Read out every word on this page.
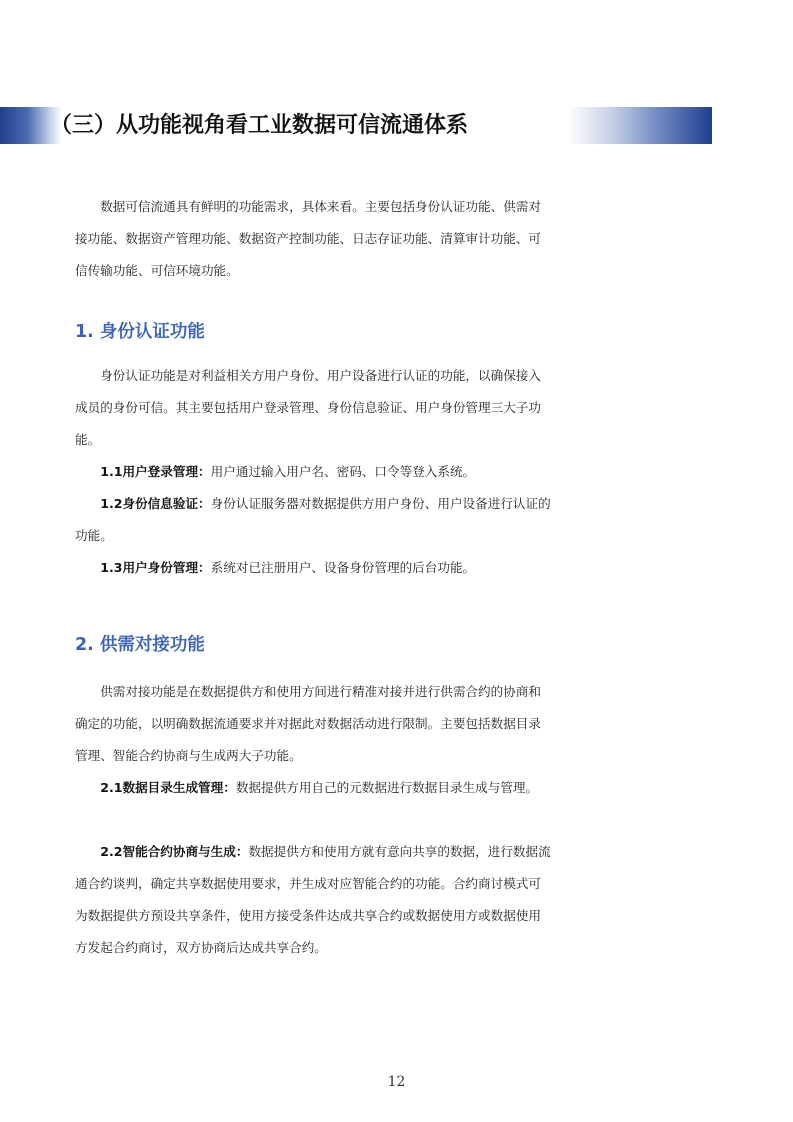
（三）从功能视角看工业数据可信流通体系

数据可信流通具有鲜明的功能需求，具体来看。主要包括身份认证功能、供需对接功能、数据资产管理功能、数据资产控制功能、日志存证功能、清算审计功能、可信传输功能、可信环境功能。

1. 身份认证功能

身份认证功能是对利益相关方用户身份、用户设备进行认证的功能，以确保接入成员的身份可信。其主要包括用户登录管理、身份信息验证、用户身份管理三大子功能。

1.1用户登录管理：用户通过输入用户名、密码、口令等登入系统。

1.2身份信息验证：身份认证服务器对数据提供方用户身份、用户设备进行认证的功能。

1.3用户身份管理：系统对已注册用户、设备身份管理的后台功能。

2. 供需对接功能

供需对接功能是在数据提供方和使用方间进行精准对接并进行供需合约的协商和确定的功能，以明确数据流通要求并对据此对数据活动进行限制。主要包括数据目录管理、智能合约协商与生成两大子功能。

2.1数据目录生成管理：数据提供方用自己的元数据进行数据目录生成与管理。

2.2智能合约协商与生成：数据提供方和使用方就有意向共享的数据，进行数据流通合约谈判，确定共享数据使用要求，并生成对应智能合约的功能。合约商讨模式可为数据提供方预设共享条件，使用方接受条件达成共享合约或数据使用方或数据使用方发起合约商讨，双方协商后达成共享合约。

12
